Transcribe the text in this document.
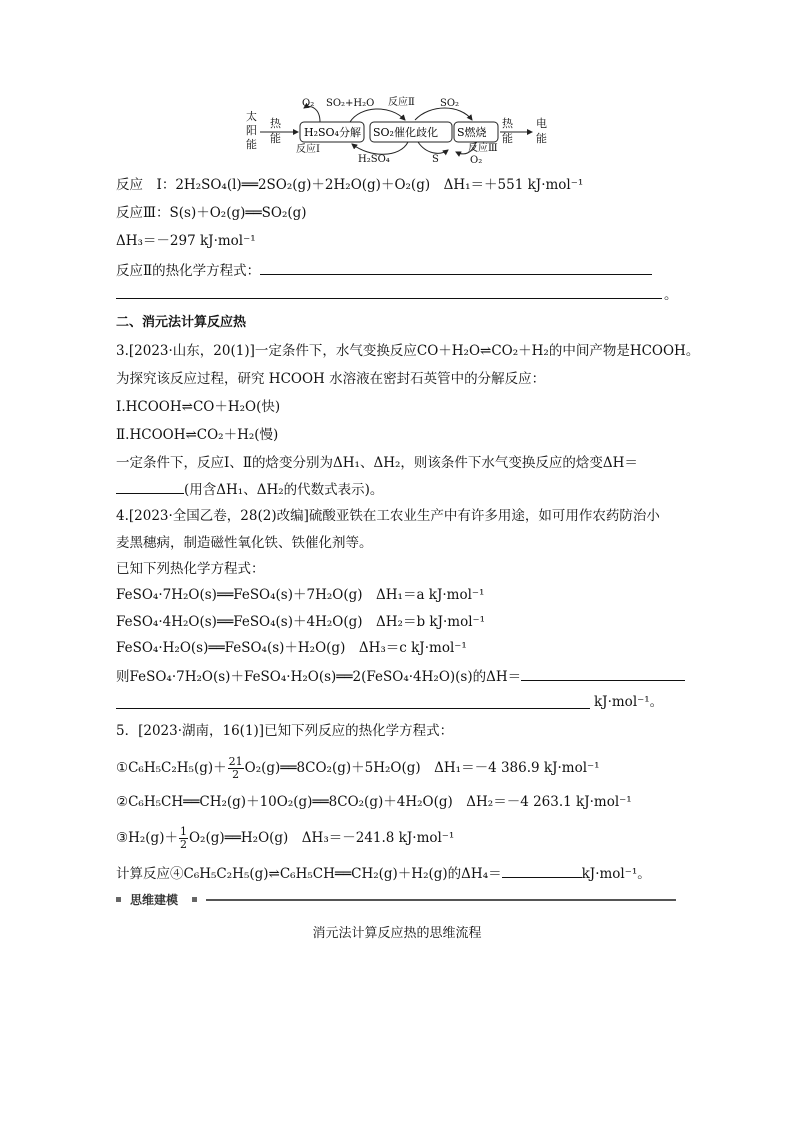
太
阳
能
热
能 H₂SO₄分解 SO₂催化歧化 S燃烧
热
能
电
能
O₂ SO₂+H₂O 反应Ⅱ	SO₂
反应Ⅰ
H₂SO₄	S
反应Ⅲ
O₂
反应　Ⅰ：2H₂SO₄(l)══2SO₂(g)＋2H₂O(g)＋O₂(g)　ΔH₁＝＋551 kJ·mol⁻¹
反应Ⅲ：S(s)＋O₂(g)══SO₂(g)
ΔH₃＝－297 kJ·mol⁻¹
反应Ⅱ的热化学方程式：
。
二、消元法计算反应热
3.[2023·山东，20(1)]一定条件下，水气变换反应CO＋H₂O⇌CO₂＋H₂的中间产物是HCOOH。
为探究该反应过程，研究 HCOOH 水溶液在密封石英管中的分解反应：
Ⅰ.HCOOH⇌CO＋H₂O(快)
Ⅱ.HCOOH⇌CO₂＋H₂(慢)
一定条件下，反应Ⅰ、Ⅱ的焓变分别为ΔH₁、ΔH₂，则该条件下水气变换反应的焓变ΔH＝
(用含ΔH₁、ΔH₂的代数式表示)。
4.[2023·全国乙卷，28(2)改编]硫酸亚铁在工农业生产中有许多用途，如可用作农药防治小
麦黑穗病，制造磁性氧化铁、铁催化剂等。
已知下列热化学方程式：
FeSO₄·7H₂O(s)══FeSO₄(s)＋7H₂O(g)　ΔH₁＝a kJ·mol⁻¹
FeSO₄·4H₂O(s)══FeSO₄(s)＋4H₂O(g)　ΔH₂＝b kJ·mol⁻¹
FeSO₄·H₂O(s)══FeSO₄(s)＋H₂O(g)　ΔH₃＝c kJ·mol⁻¹
则FeSO₄·7H₂O(s)＋FeSO₄·H₂O(s)══2(FeSO₄·4H₂O)(s)的ΔH＝
kJ·mol⁻¹。
5．[2023·湖南，16(1)]已知下列反应的热化学方程式：
①C₆H₅C₂H₅(g)＋ $\frac{21}{2}$ O₂(g)══8CO₂(g)＋5H₂O(g)　ΔH₁＝－4 386.9 kJ·mol⁻¹
②C₆H₅CH══CH₂(g)＋10O₂(g)══8CO₂(g)＋4H₂O(g)　ΔH₂＝－4 263.1 kJ·mol⁻¹
③H₂(g)＋ $\frac{1}{2}$ O₂(g)══H₂O(g)　ΔH₃＝－241.8 kJ·mol⁻¹
计算反应④C₆H₅C₂H₅(g)⇌C₆H₅CH══CH₂(g)＋H₂(g)的ΔH₄＝	kJ·mol⁻¹。
思维建模
消元法计算反应热的思维流程
